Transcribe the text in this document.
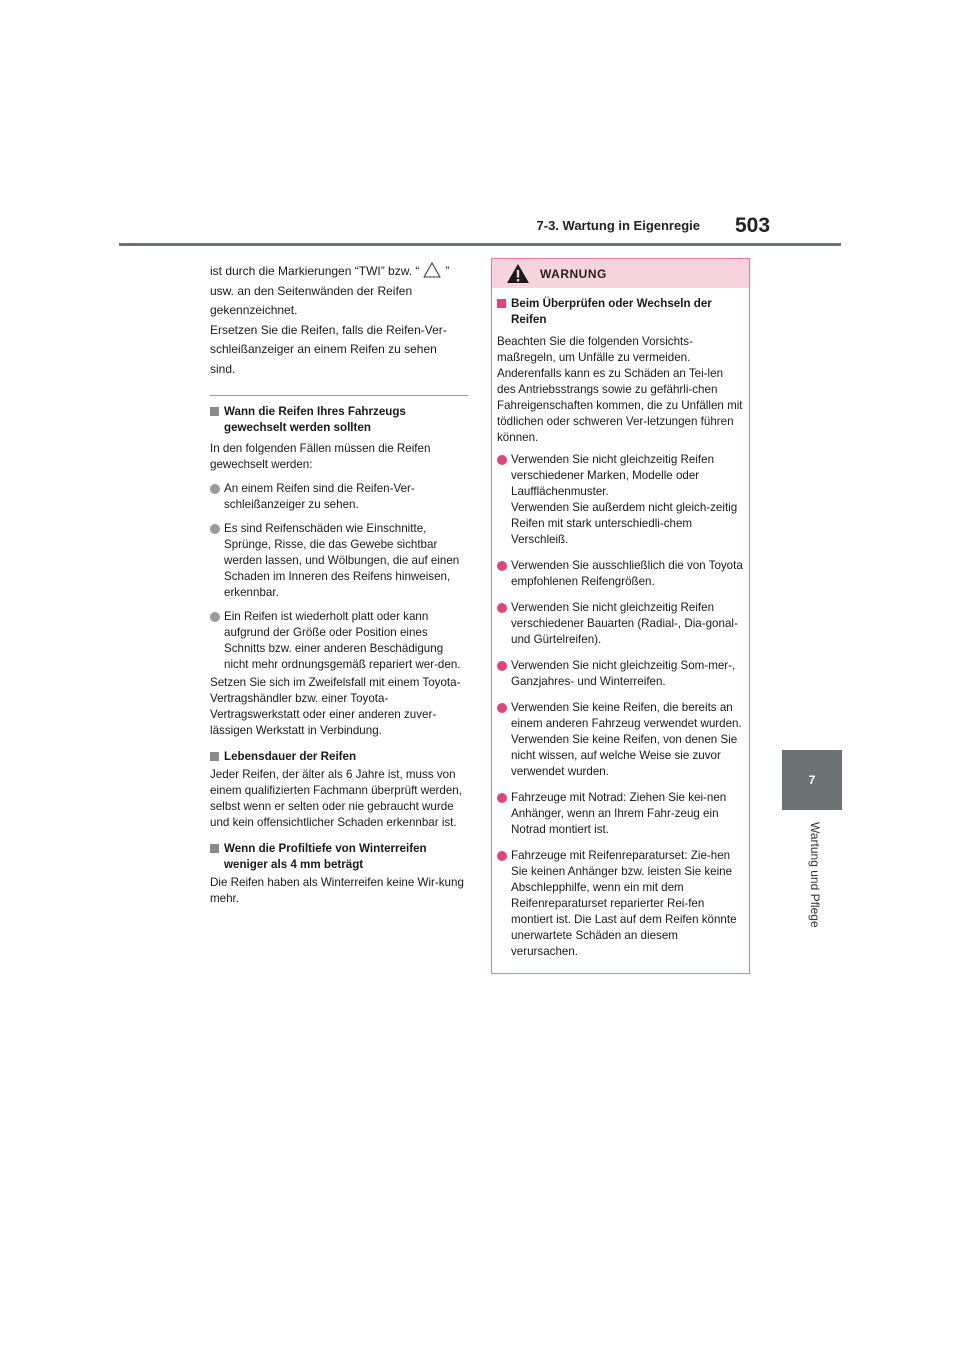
7-3. Wartung in Eigenregie 503
7
Wartung und Pflege

ist durch die Markierungen “TWI” bzw. “ ”

usw. an den Seitenwänden der Reifen

gekennzeichnet.

Ersetzen Sie die Reifen, falls die Reifen-Ver-

schleißanzeiger an einem Reifen zu sehen

sind.

Wann die Reifen Ihres Fahrzeugs gewechselt werden sollten

In den folgenden Fällen müssen die Reifen gewechselt werden:

An einem Reifen sind die Reifen-Ver-schleißanzeiger zu sehen.
Es sind Reifenschäden wie Einschnitte, Sprünge, Risse, die das Gewebe sichtbar werden lassen, und Wölbungen, die auf einen Schaden im Inneren des Reifens hinweisen, erkennbar.
Ein Reifen ist wiederholt platt oder kann aufgrund der Größe oder Position eines Schnitts bzw. einer anderen Beschädigung nicht mehr ordnungsgemäß repariert wer-den.

Setzen Sie sich im Zweifelsfall mit einem Toyota-Vertragshändler bzw. einer Toyota-Vertragswerkstatt oder einer anderen zuver-lässigen Werkstatt in Verbindung.

Lebensdauer der Reifen

Jeder Reifen, der älter als 6 Jahre ist, muss von einem qualifizierten Fachmann überprüft werden, selbst wenn er selten oder nie gebraucht wurde und kein offensichtlicher Schaden erkennbar ist.

Wenn die Profiltiefe von Winterreifen weniger als 4 mm beträgt

Die Reifen haben als Winterreifen keine Wir-kung mehr.

WARNUNG
Beim Überprüfen oder Wechseln der Reifen

Beachten Sie die folgenden Vorsichts-maßregeln, um Unfälle zu vermeiden. Anderenfalls kann es zu Schäden an Tei-len des Antriebsstrangs sowie zu gefährli-chen Fahreigenschaften kommen, die zu Unfällen mit tödlichen oder schweren Ver-letzungen führen können.

Verwenden Sie nicht gleichzeitig Reifen verschiedener Marken, Modelle oder Laufflächenmuster.
Verwenden Sie außerdem nicht gleich-zeitig Reifen mit stark unterschiedli-chem Verschleiß.
Verwenden Sie ausschließlich die von Toyota empfohlenen Reifengrößen.
Verwenden Sie nicht gleichzeitig Reifen verschiedener Bauarten (Radial-, Dia-gonal- und Gürtelreifen).
Verwenden Sie nicht gleichzeitig Som-mer-, Ganzjahres- und Winterreifen.
Verwenden Sie keine Reifen, die bereits an einem anderen Fahrzeug verwendet wurden.
Verwenden Sie keine Reifen, von denen Sie nicht wissen, auf welche Weise sie zuvor verwendet wurden.
Fahrzeuge mit Notrad: Ziehen Sie kei-nen Anhänger, wenn an Ihrem Fahr-zeug ein Notrad montiert ist.
Fahrzeuge mit Reifenreparaturset: Zie-hen Sie keinen Anhänger bzw. leisten Sie keine Abschlepphilfe, wenn ein mit dem Reifenreparaturset reparierter Rei-fen montiert ist. Die Last auf dem Reifen könnte unerwartete Schäden an diesem verursachen.
